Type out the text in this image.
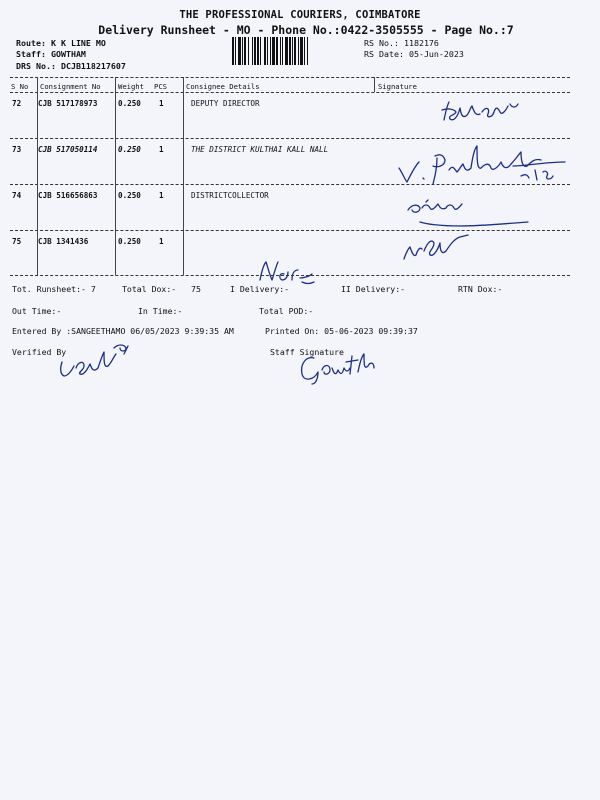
THE PROFESSIONAL COURIERS, COIMBATORE
Delivery Runsheet - MO - Phone No.:0422-3505555 - Page No.:7
Route: K K LINE MO
Staff: GOWTHAM
DRS No.: DCJB118217607
RS No.: 1182176
RS Date: 05-Jun-2023
S No Consignment No Weight PCS	Consignee Details	Signature
72 CJB 517178973	0.250 1	DEPUTY DIRECTOR
73 CJB 517050114	0.250 1	THE DISTRICT KULTHAI KALL NALL
74 CJB 516656863	0.250 1	DISTRICTCOLLECTOR
75 CJB 1341436	0.250 1
Tot. Runsheet:- 7	Total Dox:-   75	I Delivery:-	II Delivery:-	RTN Dox:-
Out Time:-	In Time:-	Total POD:-
Entered By :SANGEETHAMO 06/05/2023 9:39:35 AM	Printed On: 05-06-2023 09:39:37
Verified By	Staff Signature
